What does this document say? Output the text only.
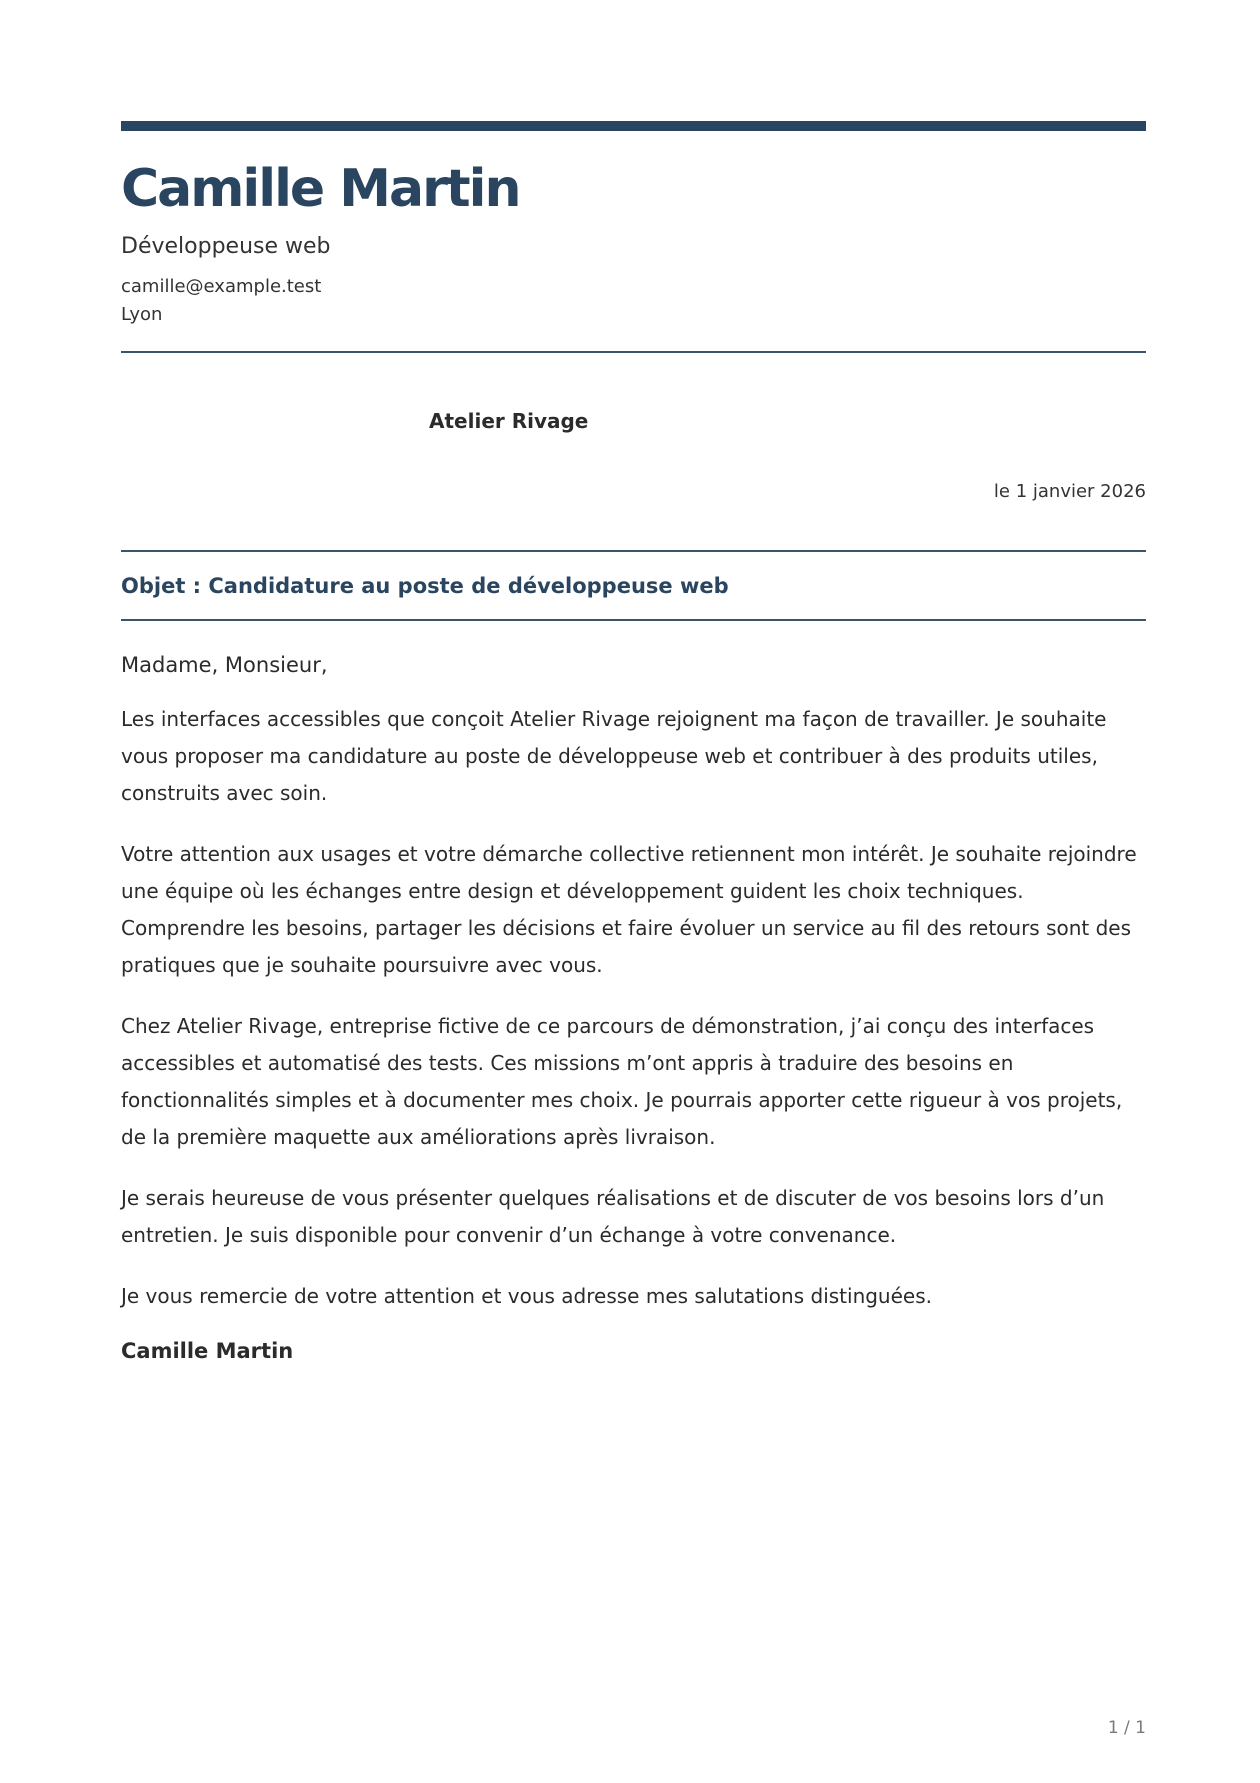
Camille Martin
Développeuse web
camille@example.test
Lyon
Atelier Rivage
le 1 janvier 2026
Objet : Candidature au poste de développeuse web
Madame, Monsieur,

Les interfaces accessibles que conçoit Atelier Rivage rejoignent ma façon de travailler. Je souhaite vous proposer ma candidature au poste de développeuse web et contribuer à des produits utiles, construits avec soin.

Votre attention aux usages et votre démarche collective retiennent mon intérêt. Je souhaite rejoindre une équipe où les échanges entre design et développement guident les choix techniques. Comprendre les besoins, partager les décisions et faire évoluer un service au fil des retours sont des pratiques que je souhaite poursuivre avec vous.

Chez Atelier Rivage, entreprise fictive de ce parcours de démonstration, j’ai conçu des interfaces accessibles et automatisé des tests. Ces missions m’ont appris à traduire des besoins en fonctionnalités simples et à documenter mes choix. Je pourrais apporter cette rigueur à vos projets, de la première maquette aux améliorations après livraison.

Je serais heureuse de vous présenter quelques réalisations et de discuter de vos besoins lors d’un entretien. Je suis disponible pour convenir d’un échange à votre convenance.

Je vous remercie de votre attention et vous adresse mes salutations distinguées.
Camille Martin
1 / 1
